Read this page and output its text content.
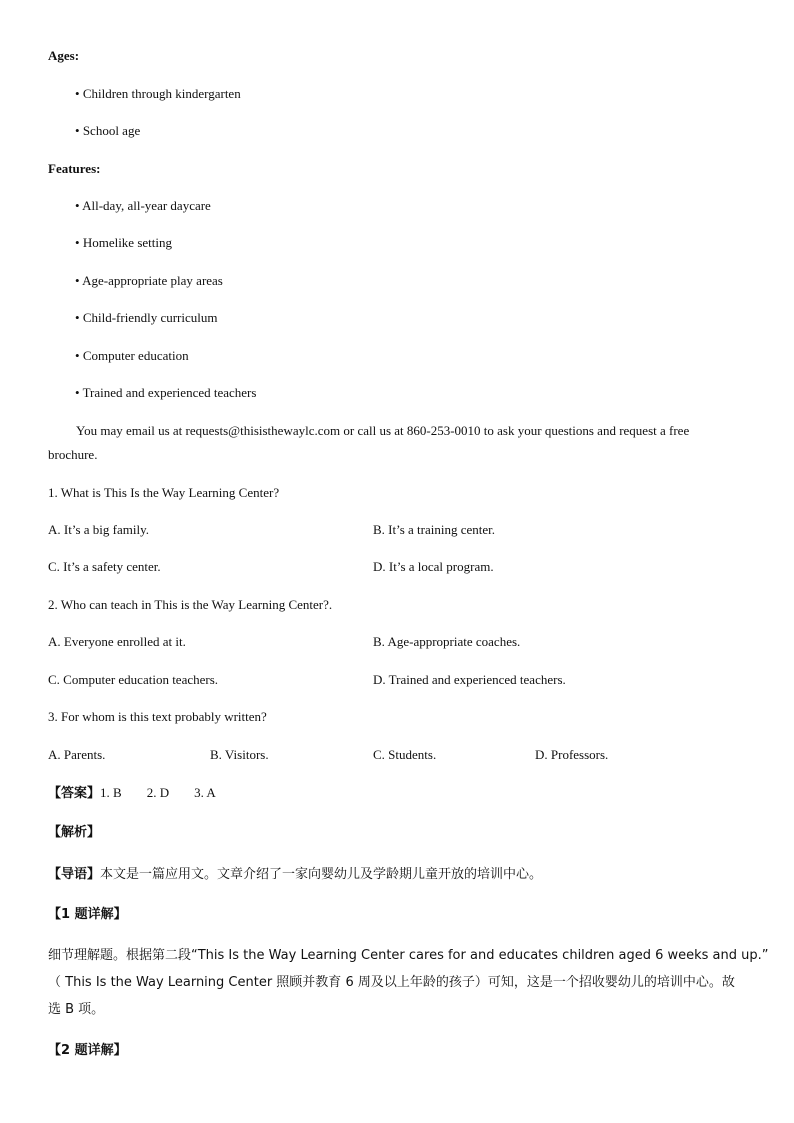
Ages:
• Children through kindergarten
• School age
Features:
• All-day, all-year daycare
• Homelike setting
• Age-appropriate play areas
• Child-friendly curriculum
• Computer education
• Trained and experienced teachers
You may email us at requests@thisisthewaylc.com or call us at 860-253-0010 to ask your questions and request a free
brochure.
1. What is This Is the Way Learning Center?
A. It’s a big family.	B. It’s a training center.
C. It’s a safety center.	D. It’s a local program.
2. Who can teach in This is the Way Learning Center?.
A. Everyone enrolled at it.	B. Age-appropriate coaches.
C. Computer education teachers.	D. Trained and experienced teachers.
3. For whom is this text probably written?
A. Parents.	B. Visitors.	C. Students.	D. Professors.
【答案】1. B 2. D 3. A
【解析】
【导语】本文是一篇应用文。文章介绍了一家向婴幼儿及学龄期儿童开放的培训中心。
【1 题详解】
细节理解题。根据第二段“This Is the Way Learning Center cares for and educates children aged 6 weeks and up.”
（ This Is the Way Learning Center 照顾并教育 6 周及以上年龄的孩子）可知，这是一个招收婴幼儿的培训中心。故
选 B 项。
【2 题详解】
